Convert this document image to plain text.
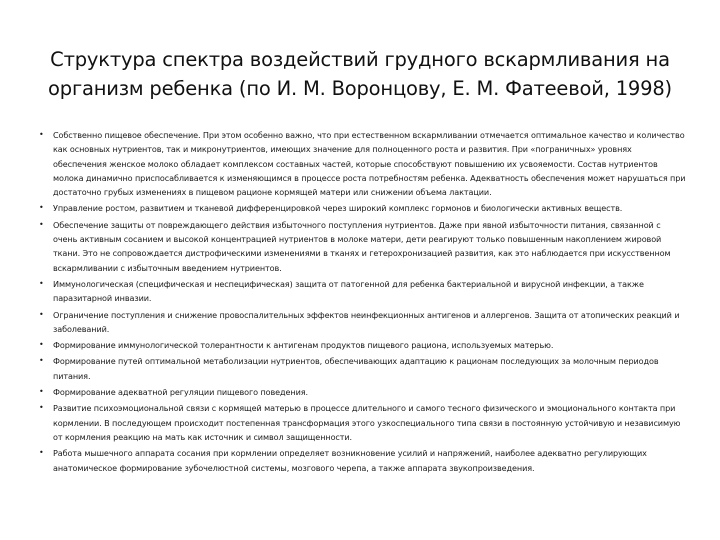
Структура спектра воздействий грудного вскармливания на организм ребенка (по И. М. Воронцову, Е. М. Фатеевой, 1998)
• Собственно пищевое обеспечение. При этом особенно важно, что при естественном вскармливании отмечается оптимальное качество и количество как основных нутриентов, так и микронутриентов, имеющих значение для полноценного роста и развития. При «пограничных» уровнях обеспечения женское молоко обладает комплексом составных частей, которые способствуют повышению их усвояемости. Состав нутриентов молока динамично приспосабливается к изменяющимся в процессе роста потребностям ребенка. Адекватность обеспечения может нарушаться при достаточно грубых изменениях в пищевом рационе кормящей матери или снижении объема лактации.
• Управление ростом, развитием и тканевой дифференцировкой через широкий комплекс гормонов и биологически активных веществ.
• Обеспечение защиты от повреждающего действия избыточного поступления нутриентов. Даже при явной избыточности питания, связанной с очень активным сосанием и высокой концентрацией нутриентов в молоке матери, дети реагируют только повышенным накоплением жировой ткани. Это не сопровождается дистрофическими изменениями в тканях и гетерохронизацией развития, как это наблюдается при искусственном вскармливании с избыточным введением нутриентов.
• Иммунологическая (специфическая и неспецифическая) защита от патогенной для ребенка бактериальной и вирусной инфекции, а также паразитарной инвазии.
• Ограничение поступления и снижение провоспалительных эффектов неинфекционных антигенов и аллергенов. Защита от атопических реакций и заболеваний.
• Формирование иммунологической толерантности к антигенам продуктов пищевого рациона, используемых матерью.
• Формирование путей оптимальной метаболизации нутриентов, обеспечивающих адаптацию к рационам последующих за молочным периодов питания.
• Формирование адекватной регуляции пищевого поведения.
• Развитие психоэмоциональной связи с кормящей матерью в процессе длительного и самого тесного физического и эмоционального контакта при кормлении. В последующем происходит постепенная трансформация этого узкоспециального типа связи в постоянную устойчивую и независимую от кормления реакцию на мать как источник и символ защищенности.
• Работа мышечного аппарата сосания при кормлении определяет возникновение усилий и напряжений, наиболее адекватно регулирующих анатомическое формирование зубочелюстной системы, мозгового черепа, а также аппарата звукопроизведения.
